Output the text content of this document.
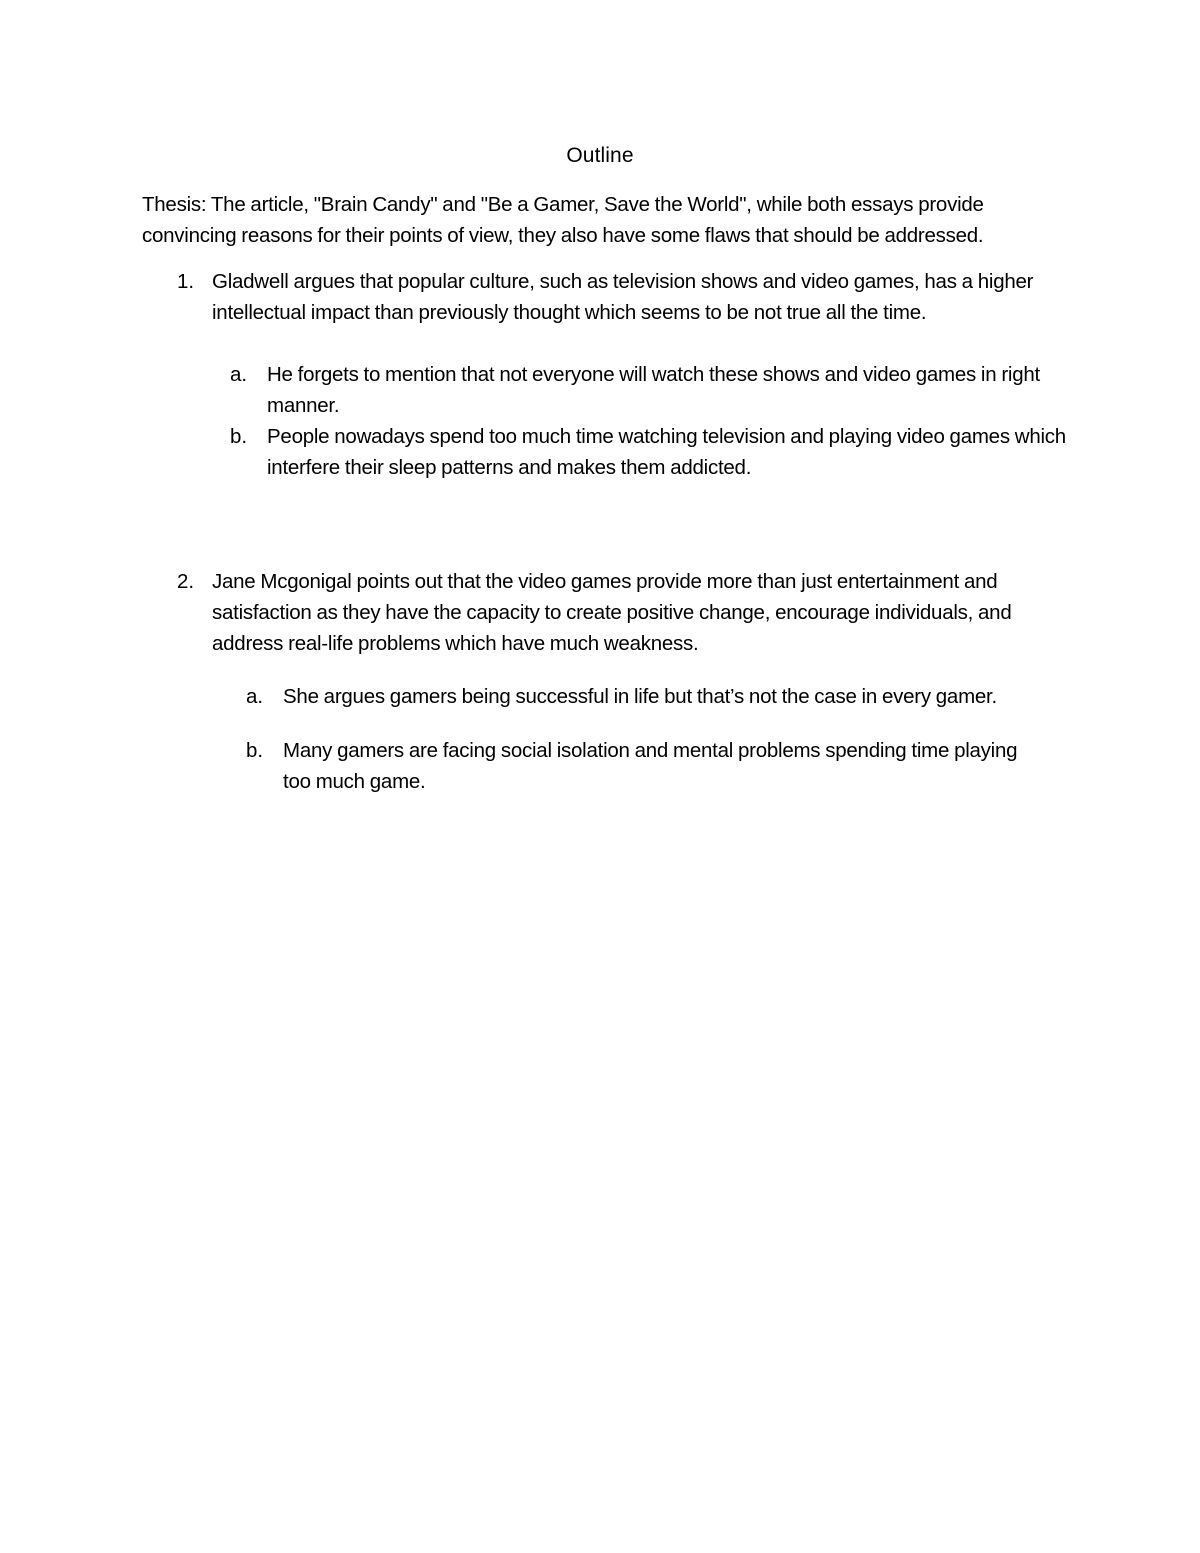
Outline
Thesis: The article, "Brain Candy" and "Be a Gamer, Save the World", while both essays provide convincing reasons for their points of view, they also have some flaws that should be addressed.
1. Gladwell argues that popular culture, such as television shows and video games, has a higher intellectual impact than previously thought which seems to be not true all the time.
a. He forgets to mention that not everyone will watch these shows and video games in right manner.
b. People nowadays spend too much time watching television and playing video games which interfere their sleep patterns and makes them addicted.
2. Jane Mcgonigal points out that the video games provide more than just entertainment and satisfaction as they have the capacity to create positive change, encourage individuals, and address real-life problems which have much weakness.
a. She argues gamers being successful in life but that’s not the case in every gamer.
b. Many gamers are facing social isolation and mental problems spending time playing too much game.
